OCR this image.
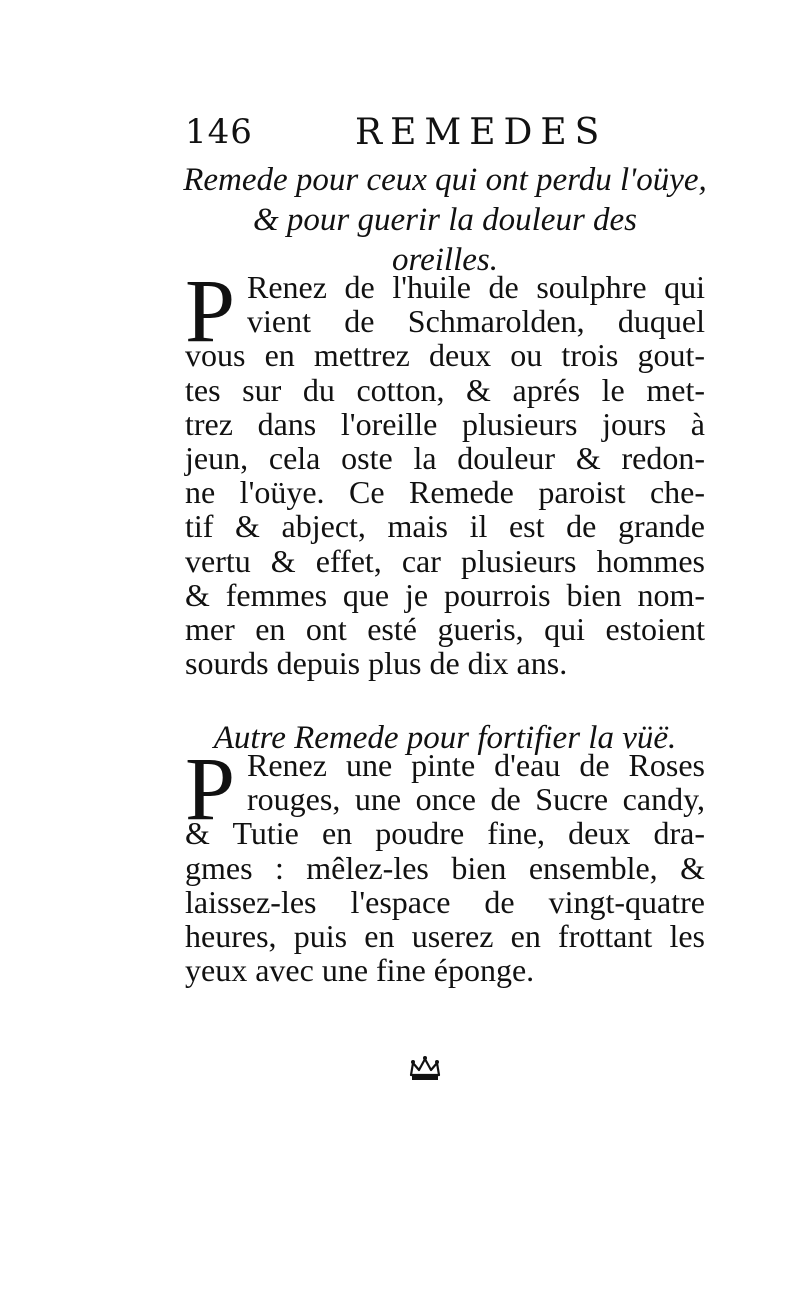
146	REMEDES
Remede pour ceux qui ont perdu l'oüye,
& pour guerir la douleur des
oreilles.
P Renez de l'huile de soulphre qui
vient de Schmarolden, duquel
vous en mettrez deux ou trois gout-
tes sur du cotton, & aprés le met-
trez dans l'oreille plusieurs jours à
jeun, cela oste la douleur & redon-
ne l'oüye. Ce Remede paroist che-
tif & abject, mais il est de grande
vertu & effet, car plusieurs hommes
& femmes que je pourrois bien nom-
mer en ont esté gueris, qui estoient
sourds depuis plus de dix ans.
Autre Remede pour fortifier la vüë.
P Renez une pinte d'eau de Roses
rouges, une once de Sucre candy,
& Tutie en poudre fine, deux dra-
gmes : mêlez-les bien ensemble, &
laissez-les l'espace de vingt-quatre
heures, puis en userez en frottant les
yeux avec une fine éponge.
